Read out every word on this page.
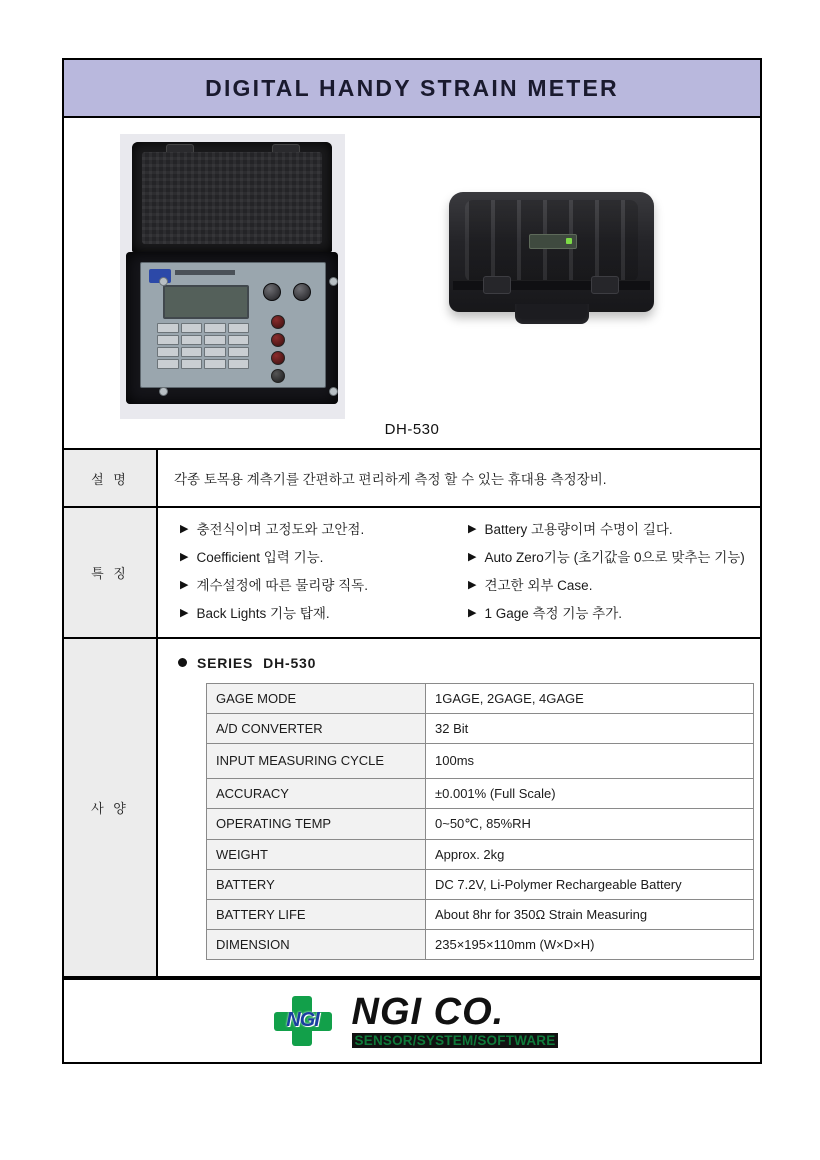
DIGITAL HANDY STRAIN METER
DH-530
설 명	각종 토목용 계측기를 간편하고 편리하게 측정 할 수 있는 휴대용 측정장비.
특 징
▶ 충전식이며 고정도와 고안점.	▶ Battery 고용량이며 수명이 길다.
▶ Coefficient 입력 기능.	▶ Auto Zero기능 (초기값을 0으로 맞추는 기능)
▶ 계수설정에 따른 물리량 직독.	▶ 견고한 외부 Case.
▶ Back Lights 기능 탑재.	▶ 1 Gage 측정 기능 추가.
사 양
SERIES DH-530
GAGE MODE	1GAGE, 2GAGE, 4GAGE
A/D CONVERTER	32 Bit
INPUT MEASURING CYCLE	100ms
ACCURACY	±0.001% (Full Scale)
OPERATING TEMP	0~50℃, 85%RH
WEIGHT	Approx. 2kg
BATTERY	DC 7.2V, Li-Polymer Rechargeable Battery
BATTERY LIFE	About 8hr for 350Ω Strain Measuring
DIMENSION	235×195×110mm (W×D×H)
NGI NGI CO.
SENSOR/SYSTEM/SOFTWARE
